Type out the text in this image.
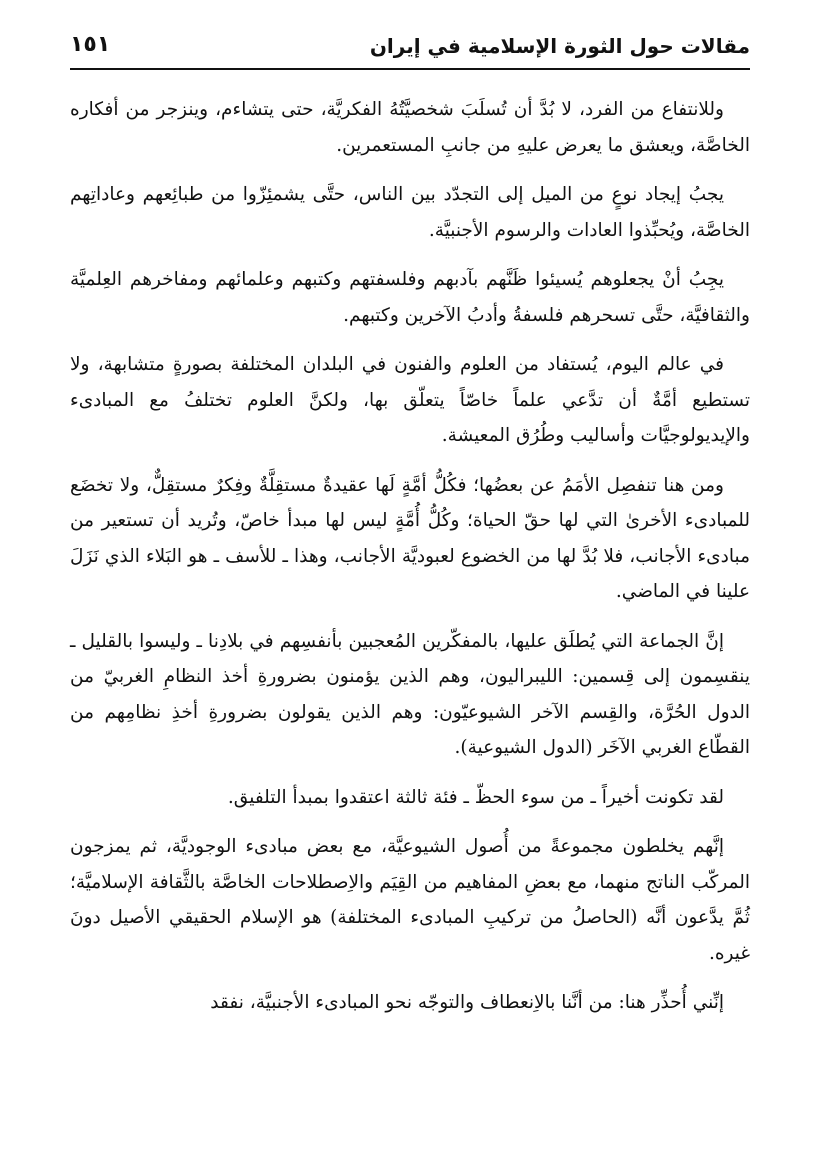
مقالات حول الثورة الإسلامية في إيران
١٥١

وللانتفاع من الفرد، لا بُدَّ أن تُسلَبَ شخصيَّتُهُ الفكريَّة، حتى يتشاءم، وينزجر من أفكاره الخاصَّة، ويعشق ما يعرض عليهِ من جانبِ المستعمرين.

يجبُ إيجاد نوعٍ من الميل إلى التجدّد بين الناس، حتَّى يشمئِزّوا من طبائِعهم وعاداتِهم الخاصَّة، ويُحبِّذوا العادات والرسوم الأجنبيَّة.

يجِبُ أنْ يجعلوهم يُسيئوا ظَنَّهم بآدبهم وفلسفتهم وكتبهم وعلمائهم ومفاخرهم العِلميَّة والثقافيَّة، حتَّى تسحرهم فلسفةُ وأدبُ الآخرين وكتبهم.

في عالم اليوم، يُستفاد من العلوم والفنون في البلدان المختلفة بصورةٍ متشابهة، ولا تستطيع أمَّةٌ أن تدَّعي علماً خاصّاً يتعلّق بها، ولكنَّ العلوم تختلفُ مع المبادىء والإيديولوجيَّات وأساليب وطُرُق المعيشة.

ومن هنا تنفصِل الأمَمُ عن بعضُها؛ فكُلُّ أمَّةٍ لَها عقيدةٌ مستقِلَّةٌ وفِكرٌ مستقِلٌّ، ولا تخضَع للمبادىء الأخرىٰ التي لها حقّ الحياة؛ وكُلُّ أُمَّةٍ ليس لها مبدأ خاصّ، وتُريد أن تستعير من مبادىء الأجانب، فلا بُدَّ لها من الخضوع لعبوديَّة الأجانب، وهذا ـ للأسف ـ هو البَلاء الذي نَزَلَ علينا في الماضي.

إنَّ الجماعة التي يُطلَق عليها، بالمفكّرين المُعجبين بأنفسِهم في بلادِنا ـ وليسوا بالقليل ـ ينقسِمون إلى قِسمين: الليبراليون، وهم الذين يؤمنون بضرورةِ أخذ النظامِ الغربيّ من الدول الحُرَّة، والقِسم الآخر الشيوعيّون: وهم الذين يقولون بضرورةِ أخذِ نظامِهم من القطّاع الغربي الآخَر (الدول الشيوعية).

لقد تكونت أخيراً ـ من سوء الحظّ ـ فئة ثالثة اعتقدوا بمبدأ التلفيق.

إنَّهم يخلطون مجموعةً من أُصول الشيوعيَّة، مع بعض مبادىء الوجوديَّة، ثم يمزجون المركّب الناتج منهما، مع بعضِ المفاهيم من القِيَم والاِصطلاحات الخاصَّة بالثَّقافة الإسلاميَّة؛ ثُمَّ يدَّعون أنَّه (الحاصلُ من تركيبِ المبادىء المختلفة) هو الإسلام الحقيقي الأصيل دونَ غيره.

إنِّني أُحذِّر هنا: من أنَّنا بالاِنعطاف والتوجّه نحو المبادىء الأجنبيَّة، نفقد
